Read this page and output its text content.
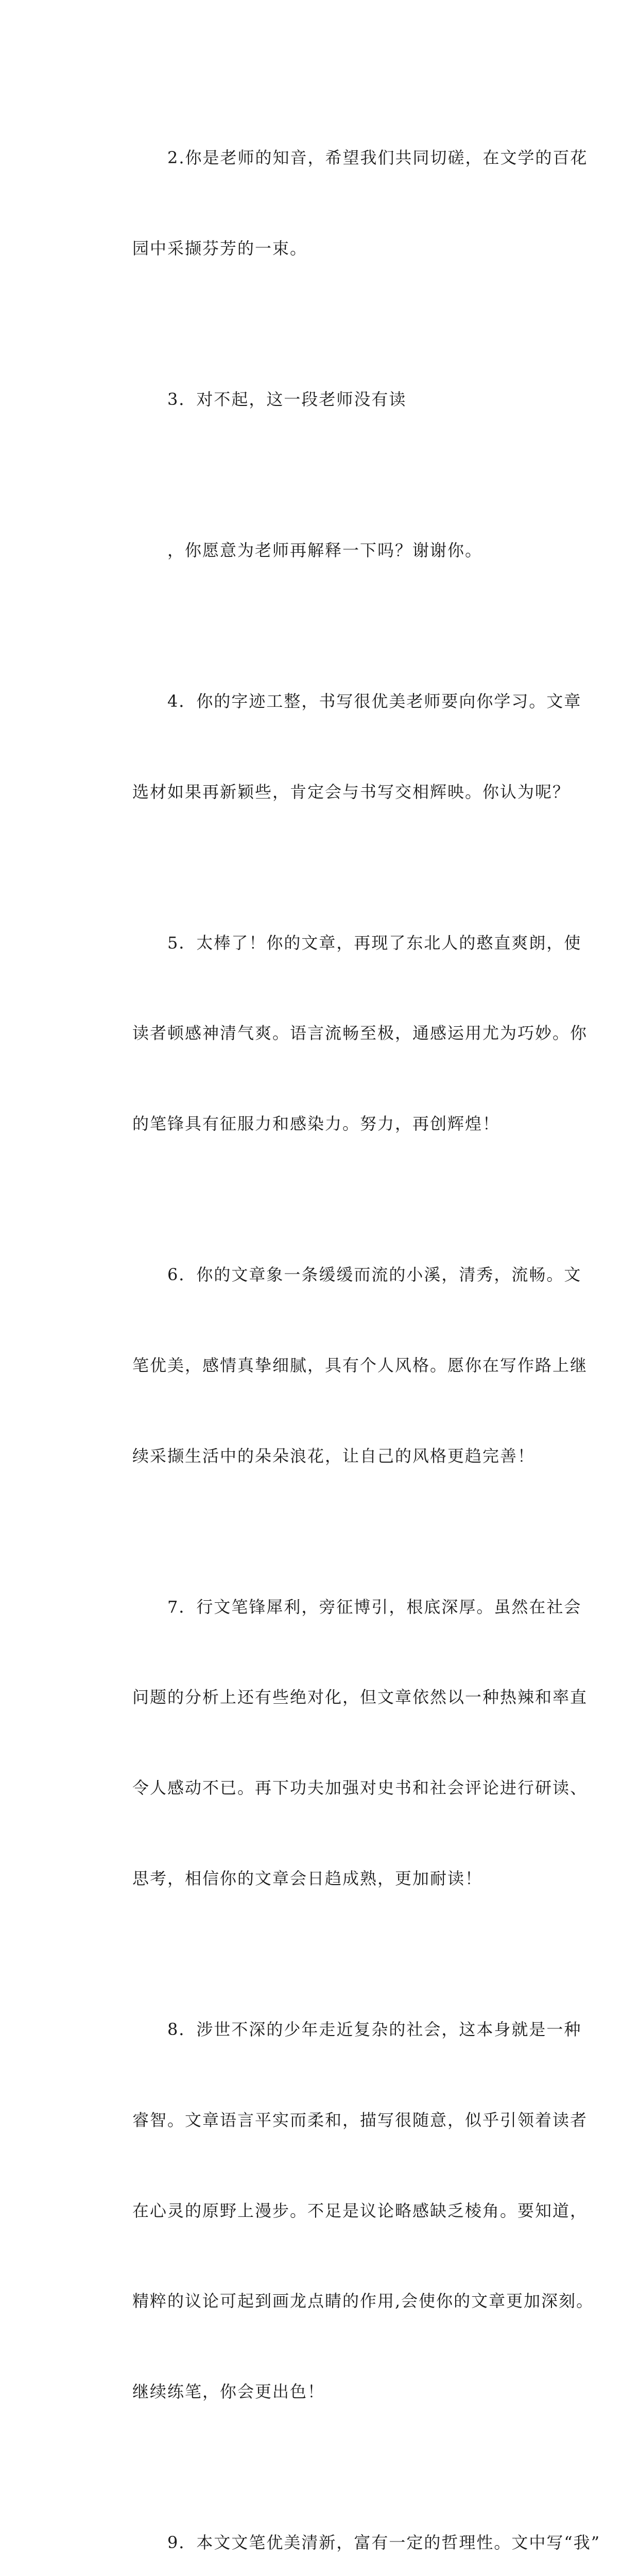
2.你是老师的知音，希望我们共同切磋，在文学的百花

园中采撷芬芳的一束。

3．对不起，这一段老师没有读

，你愿意为老师再解释一下吗？谢谢你。

4．你的字迹工整，书写很优美老师要向你学习。文章

选材如果再新颖些，肯定会与书写交相辉映。你认为呢？

5．太棒了！你的文章，再现了东北人的憨直爽朗，使

读者顿感神清气爽。语言流畅至极，通感运用尤为巧妙。你

的笔锋具有征服力和感染力。努力，再创辉煌！

6．你的文章象一条缓缓而流的小溪，清秀，流畅。文

笔优美，感情真挚细腻，具有个人风格。愿你在写作路上继

续采撷生活中的朵朵浪花，让自己的风格更趋完善！

7．行文笔锋犀利，旁征博引，根底深厚。虽然在社会

问题的分析上还有些绝对化，但文章依然以一种热辣和率直

令人感动不已。再下功夫加强对史书和社会评论进行研读、

思考，相信你的文章会日趋成熟，更加耐读！

8．涉世不深的少年走近复杂的社会，这本身就是一种

睿智。文章语言平实而柔和，描写很随意，似乎引领着读者

在心灵的原野上漫步。不足是议论略感缺乏棱角。要知道，

精粹的议论可起到画龙点睛的作用,会使你的文章更加深刻。

继续练笔，你会更出色！

9．本文文笔优美清新，富有一定的哲理性。文中写“我”
